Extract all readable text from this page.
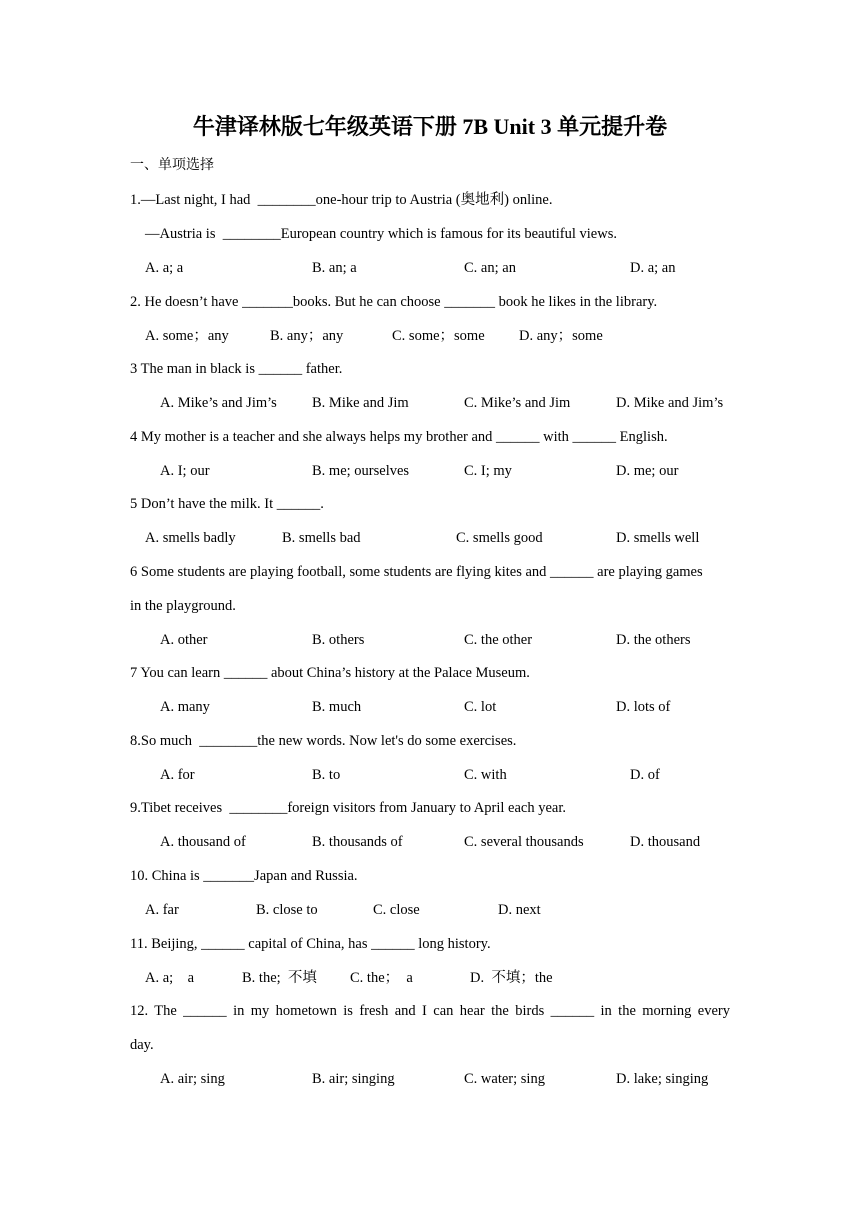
牛津译林版七年级英语下册 7B Unit 3 单元提升卷
一、单项选择
1.—Last night, I had  ________one-hour trip to Austria (奥地利) online.
—Austria is  ________European country which is famous for its beautiful views.
A. a; a	B. an; a	C. an; an	D. a; an
2. He doesn’t have _______books. But he can choose _______ book he likes in the library.
A. some；any	B. any；any	C. some；some D. any；some
3 The man in black is ______ father.
A. Mike’s and Jim’s B. Mike and Jim	C. Mike’s and Jim	D. Mike and Jim’s
4 My mother is a teacher and she always helps my brother and ______ with ______ English.
A. I; our	B. me; ourselves	C. I; my	D. me; our
5 Don’t have the milk. It ______.
A. smells badly	B. smells bad	C. smells good	D. smells well
6 Some students are playing football, some students are flying kites and ______ are playing games
in the playground.
A. other	B. others	C. the other	D. the others
7 You can learn ______ about China’s history at the Palace Museum.
A. many	B. much	C. lot	D. lots of
8.So much  ________the new words. Now let's do some exercises.
A. for	B. to	C. with	D. of
9.Tibet receives  ________foreign visitors from January to April each year.
A. thousand of	B. thousands of	C. several thousands	D. thousand
10. China is _______Japan and Russia.
A. far	B. close to	C. close	D. next
11. Beijing, ______ capital of China, has ______ long history.
A. a;    a	B. the;  不填 C. the；  a	D.  不填；the
12. The ______ in my hometown is fresh and I can hear the birds ______ in the morning every
day.
A. air; sing	B. air; singing	C. water; sing	D. lake; singing
